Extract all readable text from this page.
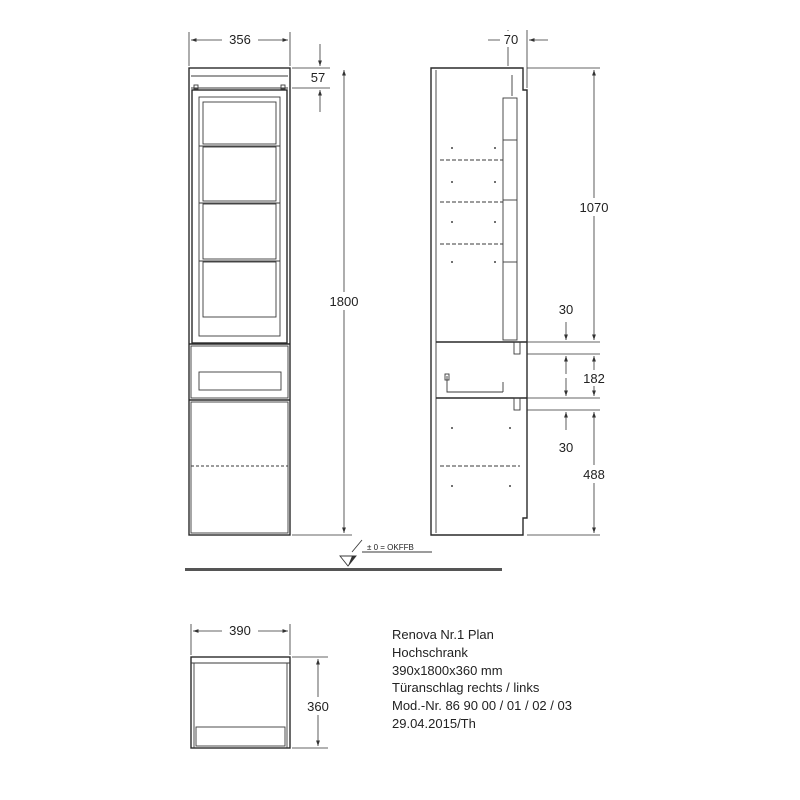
356
57
1800
70
1070
30
182
30
488
± 0 = OKFFB
390
360
Renova Nr.1 Plan
Hochschrank
390x1800x360 mm
Türanschlag rechts / links
Mod.-Nr. 86 90 00 / 01 / 02 / 03
29.04.2015/Th
